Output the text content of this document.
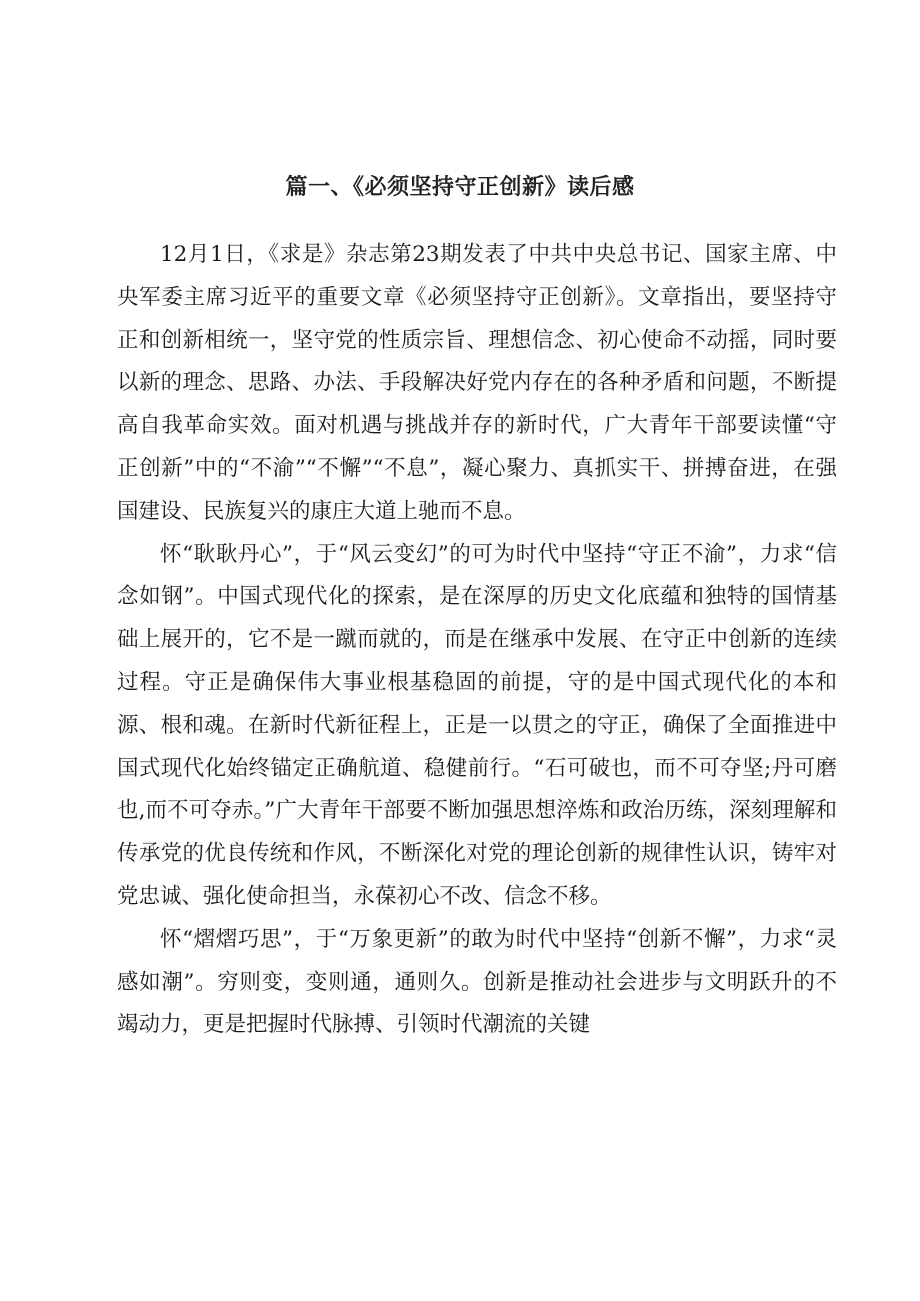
篇一、《必须坚持守正创新》读后感

12月1日，《求是》杂志第23期发表了中共中央总书记、国家主席、中央军委主席习近平的重要文章《必须坚持守正创新》。文章指出，要坚持守正和创新相统一，坚守党的性质宗旨、理想信念、初心使命不动摇，同时要以新的理念、思路、办法、手段解决好党内存在的各种矛盾和问题，不断提高自我革命实效。面对机遇与挑战并存的新时代，广大青年干部要读懂“守正创新”中的“不渝”“不懈”“不息”，凝心聚力、真抓实干、拼搏奋进，在强国建设、民族复兴的康庄大道上驰而不息。

怀“耿耿丹心”，于“风云变幻”的可为时代中坚持“守正不渝”，力求“信念如钢”。中国式现代化的探索，是在深厚的历史文化底蕴和独特的国情基础上展开的，它不是一蹴而就的，而是在继承中发展、在守正中创新的连续过程。守正是确保伟大事业根基稳固的前提，守的是中国式现代化的本和源、根和魂。在新时代新征程上，正是一以贯之的守正，确保了全面推进中国式现代化始终锚定正确航道、稳健前行。“石可破也，而不可夺坚;丹可磨也,而不可夺赤。”广大青年干部要不断加强思想淬炼和政治历练，深刻理解和传承党的优良传统和作风，不断深化对党的理论创新的规律性认识，铸牢对党忠诚、强化使命担当，永葆初心不改、信念不移。

怀“熠熠巧思”，于“万象更新”的敢为时代中坚持“创新不懈”，力求“灵感如潮”。穷则变，变则通，通则久。创新是推动社会进步与文明跃升的不竭动力，更是把握时代脉搏、引领时代潮流的关键
